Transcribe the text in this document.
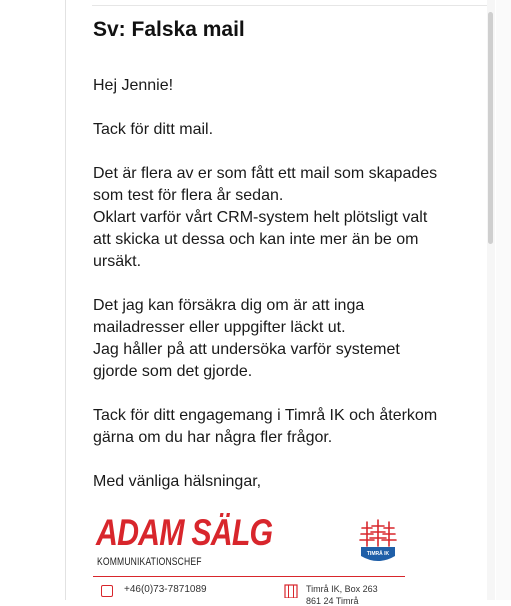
Sv: Falska mail
Hej Jennie!
Tack för ditt mail.
Det är flera av er som fått ett mail som skapades
som test för flera år sedan.
Oklart varför vårt CRM-system helt plötsligt valt
att skicka ut dessa och kan inte mer än be om
ursäkt.
Det jag kan försäkra dig om är att inga
mailadresser eller uppgifter läckt ut.
Jag håller på att undersöka varför systemet
gjorde som det gjorde.
Tack för ditt engagemang i Timrå IK och återkom
gärna om du har några fler frågor.
Med vänliga hälsningar,
ADAM SÄLG
KOMMUNIKATIONSCHEF
TIMRÅ IK
+46(0)73-7871089	Timrå IK, Box 263
861 24 Timrå
